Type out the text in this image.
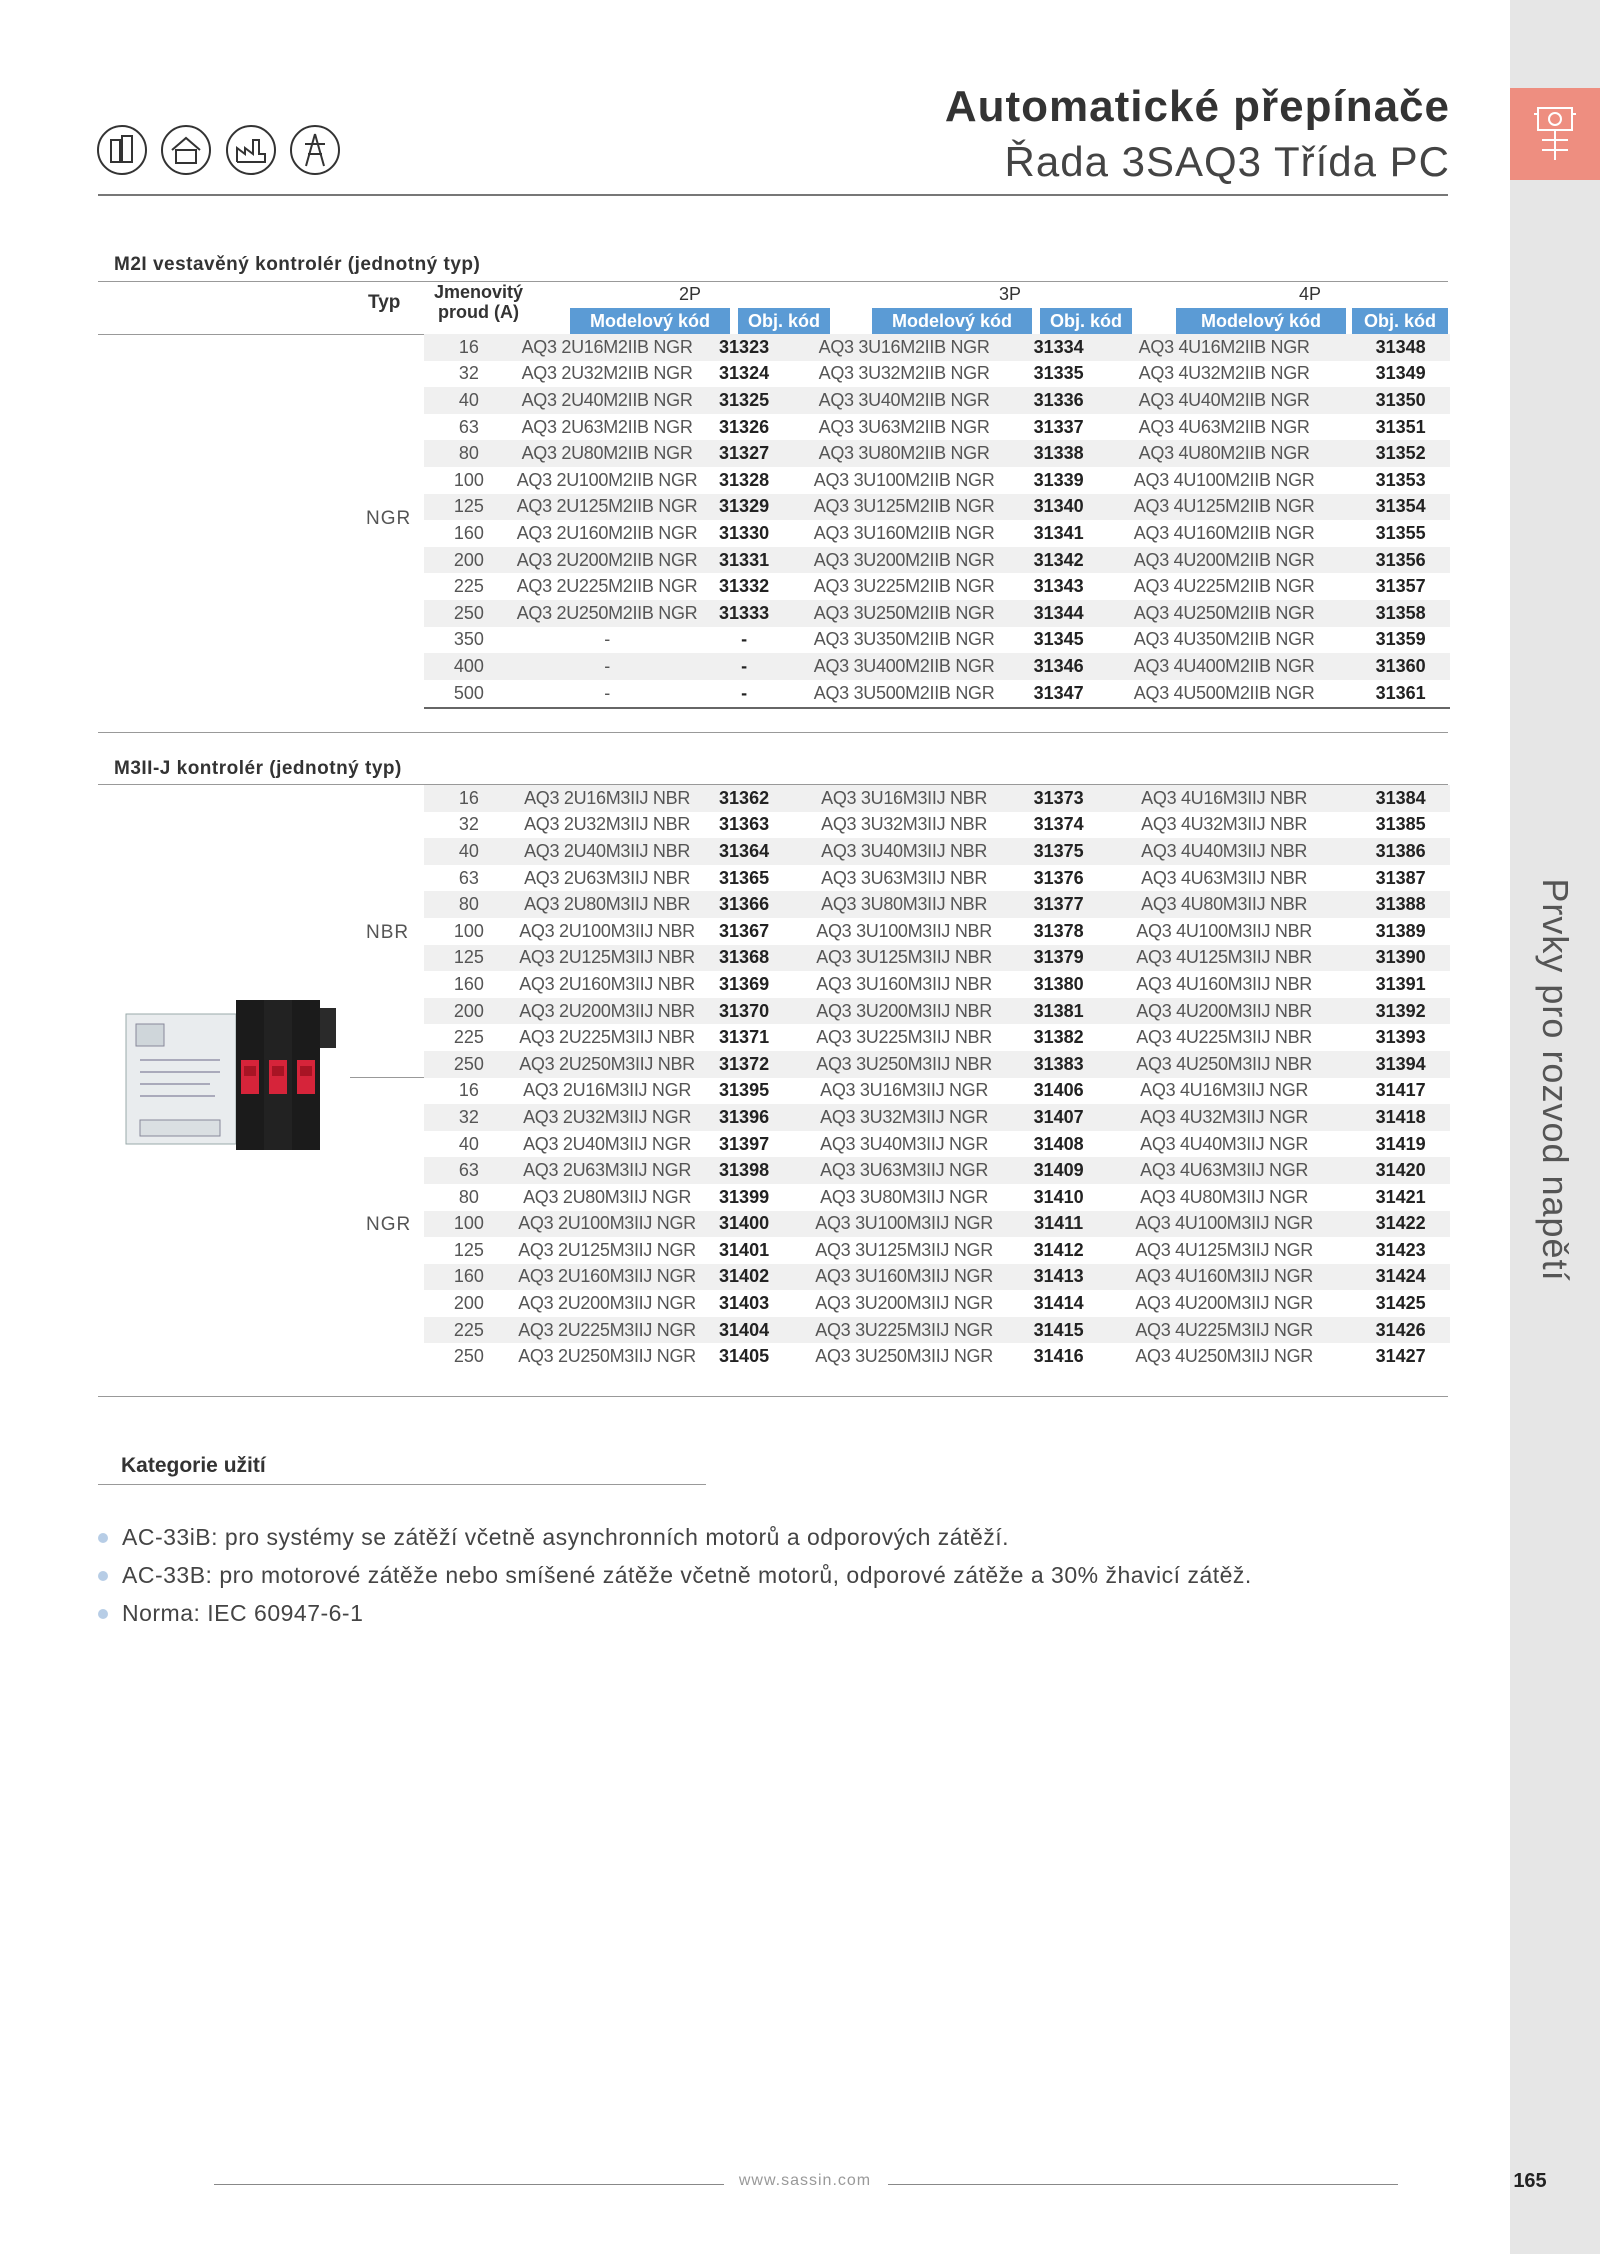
Prvky pro rozvod napětí
165

Automatické přepínače
Řada 3SAQ3 Třída PC
M2I vestavěný kontrolér (jednotný typ)
Typ Jmenovitý
proud (A)
2P	3P	4P
Modelový kód	Obj. kód	Modelový kód	Obj. kód	Modelový kód	Obj. kód
NGR
16	AQ3 2U16M2IIB NGR	31323	AQ3 3U16M2IIB NGR	31334	AQ3 4U16M2IIB NGR	31348
32	AQ3 2U32M2IIB NGR	31324	AQ3 3U32M2IIB NGR	31335	AQ3 4U32M2IIB NGR	31349
40	AQ3 2U40M2IIB NGR	31325	AQ3 3U40M2IIB NGR	31336	AQ3 4U40M2IIB NGR	31350
63	AQ3 2U63M2IIB NGR	31326	AQ3 3U63M2IIB NGR	31337	AQ3 4U63M2IIB NGR	31351
80	AQ3 2U80M2IIB NGR	31327	AQ3 3U80M2IIB NGR	31338	AQ3 4U80M2IIB NGR	31352
100	AQ3 2U100M2IIB NGR	31328	AQ3 3U100M2IIB NGR	31339	AQ3 4U100M2IIB NGR	31353
125	AQ3 2U125M2IIB NGR	31329	AQ3 3U125M2IIB NGR	31340	AQ3 4U125M2IIB NGR	31354
160	AQ3 2U160M2IIB NGR	31330	AQ3 3U160M2IIB NGR	31341	AQ3 4U160M2IIB NGR	31355
200	AQ3 2U200M2IIB NGR	31331	AQ3 3U200M2IIB NGR	31342	AQ3 4U200M2IIB NGR	31356
225	AQ3 2U225M2IIB NGR	31332	AQ3 3U225M2IIB NGR	31343	AQ3 4U225M2IIB NGR	31357
250	AQ3 2U250M2IIB NGR	31333	AQ3 3U250M2IIB NGR	31344	AQ3 4U250M2IIB NGR	31358
350	-	-	AQ3 3U350M2IIB NGR	31345	AQ3 4U350M2IIB NGR	31359
400	-	-	AQ3 3U400M2IIB NGR	31346	AQ3 4U400M2IIB NGR	31360
500	-	-	AQ3 3U500M2IIB NGR	31347	AQ3 4U500M2IIB NGR	31361
M3II-J kontrolér (jednotný typ)
NBR
NGR
16	AQ3 2U16M3IIJ NBR	31362	AQ3 3U16M3IIJ NBR	31373	AQ3 4U16M3IIJ NBR	31384
32	AQ3 2U32M3IIJ NBR	31363	AQ3 3U32M3IIJ NBR	31374	AQ3 4U32M3IIJ NBR	31385
40	AQ3 2U40M3IIJ NBR	31364	AQ3 3U40M3IIJ NBR	31375	AQ3 4U40M3IIJ NBR	31386
63	AQ3 2U63M3IIJ NBR	31365	AQ3 3U63M3IIJ NBR	31376	AQ3 4U63M3IIJ NBR	31387
80	AQ3 2U80M3IIJ NBR	31366	AQ3 3U80M3IIJ NBR	31377	AQ3 4U80M3IIJ NBR	31388
100	AQ3 2U100M3IIJ NBR	31367	AQ3 3U100M3IIJ NBR	31378	AQ3 4U100M3IIJ NBR	31389
125	AQ3 2U125M3IIJ NBR	31368	AQ3 3U125M3IIJ NBR	31379	AQ3 4U125M3IIJ NBR	31390
160	AQ3 2U160M3IIJ NBR	31369	AQ3 3U160M3IIJ NBR	31380	AQ3 4U160M3IIJ NBR	31391
200	AQ3 2U200M3IIJ NBR	31370	AQ3 3U200M3IIJ NBR	31381	AQ3 4U200M3IIJ NBR	31392
225	AQ3 2U225M3IIJ NBR	31371	AQ3 3U225M3IIJ NBR	31382	AQ3 4U225M3IIJ NBR	31393
250	AQ3 2U250M3IIJ NBR	31372	AQ3 3U250M3IIJ NBR	31383	AQ3 4U250M3IIJ NBR	31394
16	AQ3 2U16M3IIJ NGR	31395	AQ3 3U16M3IIJ NGR	31406	AQ3 4U16M3IIJ NGR	31417
32	AQ3 2U32M3IIJ NGR	31396	AQ3 3U32M3IIJ NGR	31407	AQ3 4U32M3IIJ NGR	31418
40	AQ3 2U40M3IIJ NGR	31397	AQ3 3U40M3IIJ NGR	31408	AQ3 4U40M3IIJ NGR	31419
63	AQ3 2U63M3IIJ NGR	31398	AQ3 3U63M3IIJ NGR	31409	AQ3 4U63M3IIJ NGR	31420
80	AQ3 2U80M3IIJ NGR	31399	AQ3 3U80M3IIJ NGR	31410	AQ3 4U80M3IIJ NGR	31421
100	AQ3 2U100M3IIJ NGR	31400	AQ3 3U100M3IIJ NGR	31411	AQ3 4U100M3IIJ NGR	31422
125	AQ3 2U125M3IIJ NGR	31401	AQ3 3U125M3IIJ NGR	31412	AQ3 4U125M3IIJ NGR	31423
160	AQ3 2U160M3IIJ NGR	31402	AQ3 3U160M3IIJ NGR	31413	AQ3 4U160M3IIJ NGR	31424
200	AQ3 2U200M3IIJ NGR	31403	AQ3 3U200M3IIJ NGR	31414	AQ3 4U200M3IIJ NGR	31425
225	AQ3 2U225M3IIJ NGR	31404	AQ3 3U225M3IIJ NGR	31415	AQ3 4U225M3IIJ NGR	31426
250	AQ3 2U250M3IIJ NGR	31405	AQ3 3U250M3IIJ NGR	31416	AQ3 4U250M3IIJ NGR	31427
Kategorie užití
AC-33iB: pro systémy se zátěží včetně asynchronních motorů a odporových zátěží.
AC-33B: pro motorové zátěže nebo smíšené zátěže včetně motorů, odporové zátěže a 30% žhavicí zátěž.
Norma: IEC 60947-6-1
www.sassin.com
